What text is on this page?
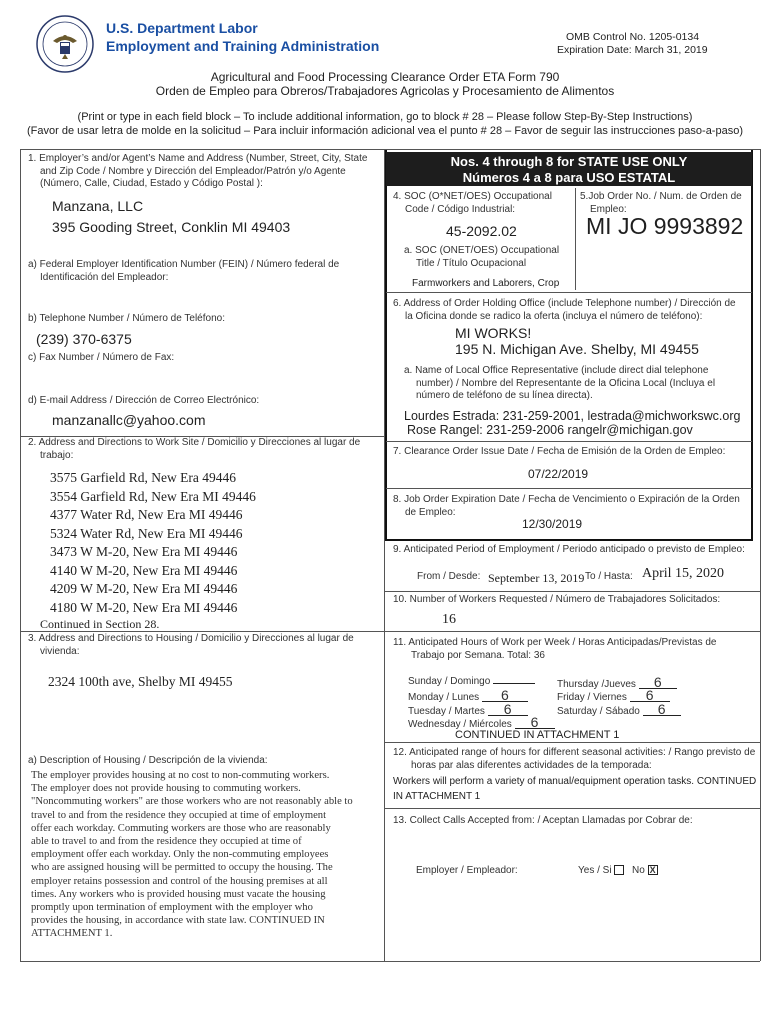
U.S. Department Labor
Employment and Training Administration
OMB Control No. 1205-0134
Expiration Date: March 31, 2019
Agricultural and Food Processing Clearance Order ETA Form 790
Orden de Empleo para Obreros/Trabajadores Agricolas y Procesamiento de Alimentos
(Print or type in each field block – To include additional information, go to block # 28 – Please follow Step-By-Step Instructions)
(Favor de usar letra de molde en la solicitud – Para incluir información adicional vea el punto # 28 – Favor de seguir las instrucciones paso-a-paso)
1. Employer’s and/or Agent’s Name and Address (Number, Street, City, State
and Zip Code / Nombre y Dirección del Empleador/Patrón y/o Agente
(Número, Calle, Ciudad, Estado y Código Postal ):
Manzana, LLC
395 Gooding Street, Conklin MI 49403
a) Federal Employer Identification Number (FEIN) / Número federal de
Identificación del Empleador:
b) Telephone Number / Número de Teléfono:
(239) 370-6375
c) Fax Number / Número de Fax:
d) E-mail Address / Dirección de Correo Electrónico:
manzanallc@yahoo.com
2. Address and Directions to Work Site / Domicilio y Direcciones al lugar de
trabajo:
3575 Garfield Rd, New Era 49446
3554 Garfield Rd, New Era MI 49446
4377 Water Rd, New Era MI 49446
5324 Water Rd, New Era MI 49446
3473 W M-20, New Era MI 49446
4140 W M-20, New Era MI 49446
4209 W M-20, New Era MI 49446
4180 W M-20, New Era MI 49446
Continued in Section 28.
3. Address and Directions to Housing / Domicilio y Direcciones al lugar de
vivienda:
2324 100th ave, Shelby MI 49455
a) Description of Housing / Descripción de la vivienda:
The employer provides housing at no cost to non-commuting workers.
The employer does not provide housing to commuting workers.
"Noncommuting workers" are those workers who are not reasonably able to
travel to and from the residence they occupied at time of employment
offer each workday. Commuting workers are those who are reasonably
able to travel to and from the residence they occupied at time of
employment offer each workday. Only the non-commuting employees
who are assigned housing will be permitted to occupy the housing. The
employer retains possession and control of the housing premises at all
times. Any workers who is provided housing must vacate the housing
promptly upon termination of employment with the employer who
provides the housing, in accordance with state law. CONTINUED IN
ATTACHMENT 1.
Nos. 4 through 8 for STATE USE ONLY
Números 4 a 8 para USO ESTATAL
4. SOC (O*NET/OES) Occupational
Code / Código Industrial:
45-2092.02
5.Job Order No. / Num. de Orden de
Empleo:
MI JO 9993892
a. SOC (ONET/OES) Occupational
Title / Título Ocupacional
Farmworkers and Laborers, Crop
6. Address of Order Holding Office (include Telephone number) / Dirección de
la Oficina donde se radico la oferta (incluya el número de teléfono):
MI WORKS!
195 N. Michigan Ave. Shelby, MI 49455
a. Name of Local Office Representative (include direct dial telephone
number) / Nombre del Representante de la Oficina Local (Incluya el
número de teléfono de su línea directa).
Lourdes Estrada: 231-259-2001, lestrada@michworkswc.org
Rose Rangel: 231-259-2006 rangelr@michigan.gov
7. Clearance Order Issue Date / Fecha de Emisión de la Orden de Empleo:
07/22/2019
8. Job Order Expiration Date / Fecha de Vencimiento o Expiración de la Orden
de Empleo:
12/30/2019
9. Anticipated Period of Employment / Periodo anticipado o previsto de Empleo:
From / Desde: September 13, 2019 To / Hasta: April 15, 2020
10. Number of Workers Requested / Número de Trabajadores Solicitados:
16
11. Anticipated Hours of Work per Week / Horas Anticipadas/Previstas de
Trabajo por Semana. Total: 36
Sunday / Domingo
Monday / Lunes 6
Tuesday / Martes 6
Wednesday / Miércoles 6
Thursday /Jueves 6
Friday / Viernes 6
Saturday / Sábado 6
CONTINUED IN ATTACHMENT 1
12. Anticipated range of hours for different seasonal activities: / Rango previsto de
horas par alas diferentes actividades de la temporada:
Workers will perform a variety of manual/equipment operation tasks. CONTINUED
IN ATTACHMENT 1
13. Collect Calls Accepted from: / Aceptan Llamadas por Cobrar de:
Employer / Empleador:	Yes / Si	No X
